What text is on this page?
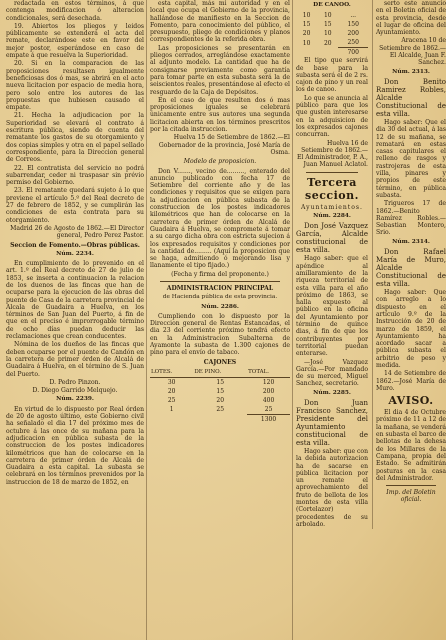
redactada en estos términos, á que contenga modificacion ó alteracion condicionales, será desechada.

19. Abiertos los pliegos y leidos públicamente se extenderá el acta del remate, declarándose este en favor del mejor postor, esperándose en caso de empate á que resuelva la Superioridad.

20. Si en la comparacion de las proposiciones resultasen igualmente beneficiosas dos ó mas, se abrirá en el acto nueva licitacion por espacio de media hora, pero solo entre los autores de las propuestas que hubiesen causado el empate.

21. Hecha la adjudicacion por la Superioridad se elevará el contrato á escritura pública, siendo de cuenta del rematante los gastos de su otorgamiento y dos copias simples y otra en el papel sellado correspondiente, para la Direccion general de Correos.

22. El contratista del servicio no podrá subarrendar, ceder ni traspasar sin prévio permiso del Gobierno.

23. El rematante quedará sujeto á lo que previene el artículo 5.º del Real decreto de 27 de febrero de 1852, y se cumplirán las condiciones de esta contrata para su otorgamiento.

Madrid 26 de Agosto de 1862.—El Director general, Pedro Perez Pastor.

Seccion de Fomento.—Obras públicas.

Núm. 2234.

En cumplimiento de lo prevenido en el art. 1.º del Real decreto de 27 de julio de 1853, se inserta a continuacion la relacion de los duenos de las fincas que han de ocuparse para la ejecucion de las obras del puente de Casa de la carretera provincial de Alcala de Guadaira a Huelva, en los términos de San Juan del Puerto, á fin de que en el preciso é improrrogable término de ocho días puedan deducir las reclamaciones que crean conducentes.

Nómina de los dueños de las fincas que deben ocuparse por el puente de Candón en la carretera de primer órden de Alcalá de Guadaira á Huelva, en el término de S. Juan del Puerto.

D. Pedro Pinzon.

D. Diego Garrido Melquejo.

Núm. 2239.

En virtud de lo dispuesto por Real órden de 20 de agosto último, este Gobierno civil ha señalado el dia 17 del próximo mes de octubre á las once de su mañana para la adjudicacion en pública subasta de la construccion de los postes indicadores kilométricos que han de colocarse en la carretera de primer órden de Alcalá de Guadaira a esta capital. La subasta se celebrará en los términos prevenidos por la instruccion de 18 de marzo de 1852, en

esta capital, más mi autoridad y en el local que ocupa el Gobierno de la provincia, hallándose de manifiesto en la Seccion de Fomento, para conocimiento del público, el presupuesto, pliego de condiciones y planos correspondientes de la referida obra.

Las proposiciones se presentarán en pliegos cerrados, arreglándose exactamente al adjunto modelo. La cantidad que ha de consignarse previamente como garantía para tomar parte en esta subasta será la de seiscientos reales, presentándose al efecto el resguardo de la Caja de Depósitos.

En el caso de que resulten dos ó mas proposiciones iguales se celebrará únicamente entre sus autores una segunda licitacion abierta en los términos prescritos por la citada instruccion.

Huelva 15 de Setiembre de 1862.—El Gobernador de la provincia, José María de Osma.

Modelo de proposicion.

Don V......., vecino de........., enterado del anuncio publicado con fecha 17 de Setiembre del corriente año y de las condiciones y requisitos que se exigen para la adjudicacion en pública subasta de la construccion de los postes indicadores kilométricos que han de colocarse en la carretera de primer órden de Alcalá de Guadaira á Huelva, se compromete á tomar a su cargo dicha obra con estricta sujecion á los expresados requisitos y condiciones por la cantidad de......... (Aquí la proposicion que se haga, admitiendo ó mejorando lisa y llanamente el tipo fijado.)

(Fecha y firma del proponente.)

ADMINISTRACION PRINCIPAL

de Hacienda pública de esta provincia.

Núm. 2286.

Cumpliendo con lo dispuesto por la Direccion general de Rentas Estancadas, el dia 23 del corriente próximo tendrá efecto en la Administracion Subalterna de Ayamonte la subasta de 1.300 cajones de pino para el envío de tabaco.

CAJONES

LOTES.	DE PINO.	TOTAL.
30	15	120
20	15	200
25	20	400
1	25	25
		1300

DE CANOO.

10	10	...
15	15	150
20	10	200
10	20	250
		700

El tipo que servirá de base para la subasta será el de 2 rs. cajon de pino y un real los de canoo.

Lo que se anuncia al público para que los que gusten interesarse en la adquisicion de los expresados cajones concurran.

Huelva 16 de Setiembre de 1862.—El Administrador, P. A., Juan Manuel Aclatol.

Tercera seccion.

Ayuntamientos.

Núm. 2284.

Don José Vazquez García, Alcalde constitucional de esta villa.

Hago saber: que el apéndice al amillaramiento de la riqueza territorial de esta villa para el año próximo de 1863, se halla expuesto al público en la oficina del Ayuntamiento por término de quince dias, á fin de que los contribuyentes por territorial puedan enterarse.

—José Vazquez García.—Por mandado de su merced, Miguel Sanchez, secretario.

Núm. 2285.

Don Juan Francisco Sanchez, Presidente del Ayuntamiento constitucional de esta villa.

Hago saber: que con la debida autorizacion ha de sacarse en pública licitacion por un remate el aprovechamiento del fruto de bellota de los montes de esta villa (Cortelazor) procedentes de su arbolado.

serto este anuncio en el Boletin oficial de esta provincia, desde el lugar de oficina del Ayuntamiento.

Aracena 10 de Setiembre de 1862.—El Alcalde, Juan F. Sanchez.

Núm. 2313.

Don Benito Ramirez Robles, Alcalde Constitucional de esta villa.

Hago saber: Que el dia 30 del actual, á las 12 de su mañana, se rematará en estas casas capitulares el relleno de rasgos y rastrojeras de esta villa, pinares y propios de este término, en pública subasta.

Trigueros 17 de 1862.—Benito Ramírez Robles.—Sebastian Montero, Srio.

Núm. 2314.

Don Rafael María de Muro, Alcalde Constitucional de esta villa.

Hago saber: Que con arreglo a lo dispuesto en el artículo 9.º de la Instrucción de 20 de marzo de 1859, el Ayuntamiento ha acordado sacar a pública subasta el arbitrio de peso y medida.

14 de Setiembre de 1862.—José María de Muro.

AVISO.

El dia 4 de Octubre próximo de 11 a 12 de la mañana, se venderá en subasta el barco de bellotas de la dehesa de los Millares de la Campana, propia del Estado. Se admitirán posturas en la casa del Administrador.

Imp. del Boletin oficial.
